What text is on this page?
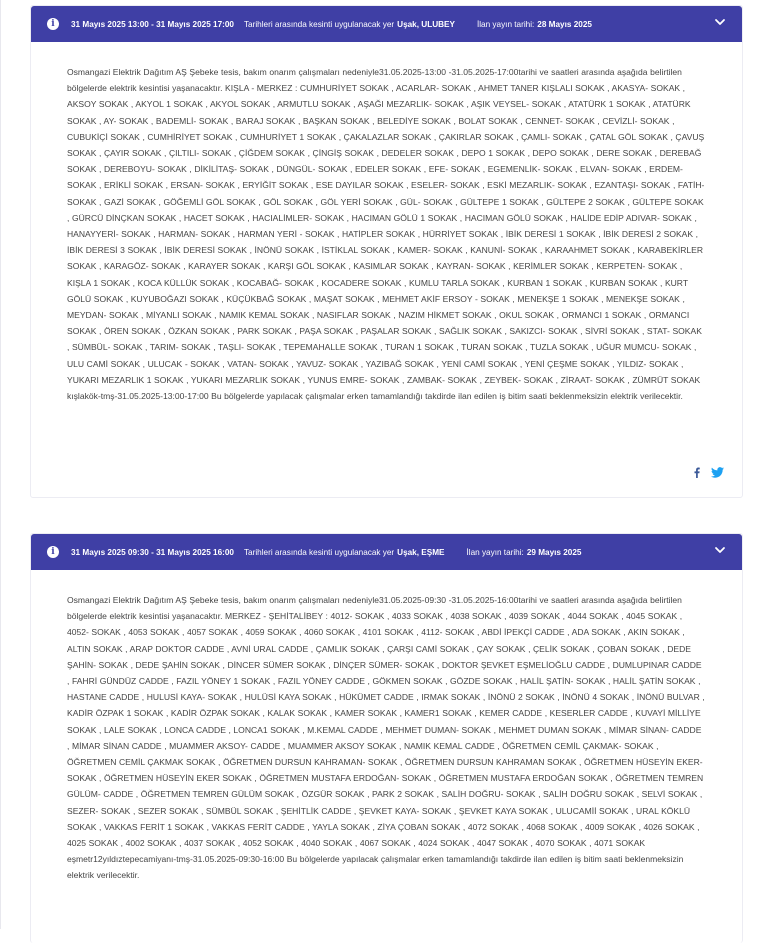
i	31 Mayıs 2025 13:00 - 31 Mayıs 2025 17:00 Tarihleri arasında kesinti uygulanacak yer Uşak, ULUBEY	İlan yayın tarihi: 28 Mayıs 2025

Osmangazi Elektrik Dağıtım AŞ Şebeke tesis, bakım onarım çalışmaları nedeniyle31.05.2025-13:00 -31.05.2025-17:00tarihi ve saatleri arasında aşağıda belirtilen bölgelerde elektrik kesintisi yaşanacaktır. KIŞLA - MERKEZ : CUMHURİYET SOKAK , ACARLAR- SOKAK , AHMET TANER KIŞLALI SOKAK , AKASYA- SOKAK , AKSOY SOKAK , AKYOL 1 SOKAK , AKYOL SOKAK , ARMUTLU SOKAK , AŞAĞI MEZARLIK- SOKAK , AŞIK VEYSEL- SOKAK , ATATÜRK 1 SOKAK , ATATÜRK SOKAK , AY- SOKAK , BADEMLİ- SOKAK , BARAJ SOKAK , BAŞKAN SOKAK , BELEDİYE SOKAK , BOLAT SOKAK , CENNET- SOKAK , CEVİZLİ- SOKAK , CUBUKİÇİ SOKAK , CUMHİRİYET SOKAK , CUMHURİYET 1 SOKAK , ÇAKALAZLAR SOKAK , ÇAKIRLAR SOKAK , ÇAMLI- SOKAK , ÇATAL GÖL SOKAK , ÇAVUŞ SOKAK , ÇAYIR SOKAK , ÇILTILI- SOKAK , ÇİĞDEM SOKAK , ÇİNGİŞ SOKAK , DEDELER SOKAK , DEPO 1 SOKAK , DEPO SOKAK , DERE SOKAK , DEREBAĞ SOKAK , DEREBOYU- SOKAK , DİKİLİTAŞ- SOKAK , DÜNGÜL- SOKAK , EDELER SOKAK , EFE- SOKAK , EGEMENLİK- SOKAK , ELVAN- SOKAK , ERDEM- SOKAK , ERİKLİ SOKAK , ERSAN- SOKAK , ERYİĞİT SOKAK , ESE DAYILAR SOKAK , ESELER- SOKAK , ESKİ MEZARLIK- SOKAK , EZANTAŞI- SOKAK , FATİH- SOKAK , GAZİ SOKAK , GÖĞEMLİ GÖL SOKAK , GÖL SOKAK , GÖL YERİ SOKAK , GÜL- SOKAK , GÜLTEPE 1 SOKAK , GÜLTEPE 2 SOKAK , GÜLTEPE SOKAK , GÜRCÜ DİNÇKAN SOKAK , HACET SOKAK , HACIALİMLER- SOKAK , HACIMAN GÖLÜ 1 SOKAK , HACIMAN GÖLÜ SOKAK , HALİDE EDİP ADIVAR- SOKAK , HANAYYERİ- SOKAK , HARMAN- SOKAK , HARMAN YERİ - SOKAK , HATİPLER SOKAK , HÜRRİYET SOKAK , İBİK DERESİ 1 SOKAK , İBİK DERESİ 2 SOKAK , İBİK DERESİ 3 SOKAK , İBİK DERESİ SOKAK , İNÖNÜ SOKAK , İSTİKLAL SOKAK , KAMER- SOKAK , KANUNİ- SOKAK , KARAAHMET SOKAK , KARABEKİRLER SOKAK , KARAGÖZ- SOKAK , KARAYER SOKAK , KARŞI GÖL SOKAK , KASIMLAR SOKAK , KAYRAN- SOKAK , KERİMLER SOKAK , KERPETEN- SOKAK , KIŞLA 1 SOKAK , KOCA KÜLLÜK SOKAK , KOCABAĞ- SOKAK , KOCADERE SOKAK , KUMLU TARLA SOKAK , KURBAN 1 SOKAK , KURBAN SOKAK , KURT GÖLÜ SOKAK , KUYUBOĞAZI SOKAK , KÜÇÜKBAĞ SOKAK , MAŞAT SOKAK , MEHMET AKİF ERSOY - SOKAK , MENEKŞE 1 SOKAK , MENEKŞE SOKAK , MEYDAN- SOKAK , MİYANLI SOKAK , NAMIK KEMAL SOKAK , NASIFLAR SOKAK , NAZIM HİKMET SOKAK , OKUL SOKAK , ORMANCI 1 SOKAK , ORMANCI SOKAK , ÖREN SOKAK , ÖZKAN SOKAK , PARK SOKAK , PAŞA SOKAK , PAŞALAR SOKAK , SAĞLIK SOKAK , SAKIZCI- SOKAK , SİVRİ SOKAK , STAT- SOKAK , SÜMBÜL- SOKAK , TARIM- SOKAK , TAŞLI- SOKAK , TEPEMAHALLE SOKAK , TURAN 1 SOKAK , TURAN SOKAK , TUZLA SOKAK , UĞUR MUMCU- SOKAK , ULU CAMİ SOKAK , ULUCAK - SOKAK , VATAN- SOKAK , YAVUZ- SOKAK , YAZIBAĞ SOKAK , YENİ CAMİ SOKAK , YENİ ÇEŞME SOKAK , YILDIZ- SOKAK , YUKARI MEZARLIK 1 SOKAK , YUKARI MEZARLIK SOKAK , YUNUS EMRE- SOKAK , ZAMBAK- SOKAK , ZEYBEK- SOKAK , ZİRAAT- SOKAK , ZÜMRÜT SOKAK kışlakök-tmş-31.05.2025-13:00-17:00 Bu bölgelerde yapılacak çalışmalar erken tamamlandığı takdirde ilan edilen iş bitim saati beklenmeksizin elektrik verilecektir.

i	31 Mayıs 2025 09:30 - 31 Mayıs 2025 16:00 Tarihleri arasında kesinti uygulanacak yer Uşak, EŞME	İlan yayın tarihi: 29 Mayıs 2025

Osmangazi Elektrik Dağıtım AŞ Şebeke tesis, bakım onarım çalışmaları nedeniyle31.05.2025-09:30 -31.05.2025-16:00tarihi ve saatleri arasında aşağıda belirtilen bölgelerde elektrik kesintisi yaşanacaktır. MERKEZ - ŞEHİTALİBEY : 4012- SOKAK , 4033 SOKAK , 4038 SOKAK , 4039 SOKAK , 4044 SOKAK , 4045 SOKAK , 4052- SOKAK , 4053 SOKAK , 4057 SOKAK , 4059 SOKAK , 4060 SOKAK , 4101 SOKAK , 4112- SOKAK , ABDİ İPEKÇİ CADDE , ADA SOKAK , AKIN SOKAK , ALTIN SOKAK , ARAP DOKTOR CADDE , AVNİ URAL CADDE , ÇAMLIK SOKAK , ÇARŞI CAMİ SOKAK , ÇAY SOKAK , ÇELİK SOKAK , ÇOBAN SOKAK , DEDE ŞAHİN- SOKAK , DEDE ŞAHİN SOKAK , DİNCER SÜMER SOKAK , DİNÇER SÜMER- SOKAK , DOKTOR ŞEVKET EŞMELİOĞLU CADDE , DUMLUPINAR CADDE , FAHRİ GÜNDÜZ CADDE , FAZIL YÖNEY 1 SOKAK , FAZIL YÖNEY CADDE , GÖKMEN SOKAK , GÖZDE SOKAK , HALİL ŞATİN- SOKAK , HALİL ŞATİN SOKAK , HASTANE CADDE , HULUSİ KAYA- SOKAK , HULÜSİ KAYA SOKAK , HÜKÜMET CADDE , IRMAK SOKAK , İNÖNÜ 2 SOKAK , İNÖNÜ 4 SOKAK , İNÖNÜ BULVAR , KADİR ÖZPAK 1 SOKAK , KADİR ÖZPAK SOKAK , KALAK SOKAK , KAMER SOKAK , KAMER1 SOKAK , KEMER CADDE , KESERLER CADDE , KUVAYİ MİLLİYE SOKAK , LALE SOKAK , LONCA CADDE , LONCA1 SOKAK , M.KEMAL CADDE , MEHMET DUMAN- SOKAK , MEHMET DUMAN SOKAK , MİMAR SİNAN- CADDE , MİMAR SİNAN CADDE , MUAMMER AKSOY- CADDE , MUAMMER AKSOY SOKAK , NAMIK KEMAL CADDE , ÖĞRETMEN CEMİL ÇAKMAK- SOKAK , ÖĞRETMEN CEMİL ÇAKMAK SOKAK , ÖĞRETMEN DURSUN KAHRAMAN- SOKAK , ÖĞRETMEN DURSUN KAHRAMAN SOKAK , ÖĞRETMEN HÜSEYİN EKER- SOKAK , ÖĞRETMEN HÜSEYİN EKER SOKAK , ÖĞRETMEN MUSTAFA ERDOĞAN- SOKAK , ÖĞRETMEN MUSTAFA ERDOĞAN SOKAK , ÖĞRETMEN TEMREN GÜLÜM- CADDE , ÖĞRETMEN TEMREN GÜLÜM SOKAK , ÖZGÜR SOKAK , PARK 2 SOKAK , SALİH DOĞRU- SOKAK , SALİH DOĞRU SOKAK , SELVİ SOKAK , SEZER- SOKAK , SEZER SOKAK , SÜMBÜL SOKAK , ŞEHİTLİK CADDE , ŞEVKET KAYA- SOKAK , ŞEVKET KAYA SOKAK , ULUCAMİİ SOKAK , URAL KÖKLÜ SOKAK , VAKKAS FERİT 1 SOKAK , VAKKAS FERİT CADDE , YAYLA SOKAK , ZİYA ÇOBAN SOKAK , 4072 SOKAK , 4068 SOKAK , 4009 SOKAK , 4026 SOKAK , 4025 SOKAK , 4002 SOKAK , 4037 SOKAK , 4052 SOKAK , 4040 SOKAK , 4067 SOKAK , 4024 SOKAK , 4047 SOKAK , 4070 SOKAK , 4071 SOKAK eşmetr12yıldıztepecamiyanı-tmş-31.05.2025-09:30-16:00 Bu bölgelerde yapılacak çalışmalar erken tamamlandığı takdirde ilan edilen iş bitim saati beklenmeksizin elektrik verilecektir.
